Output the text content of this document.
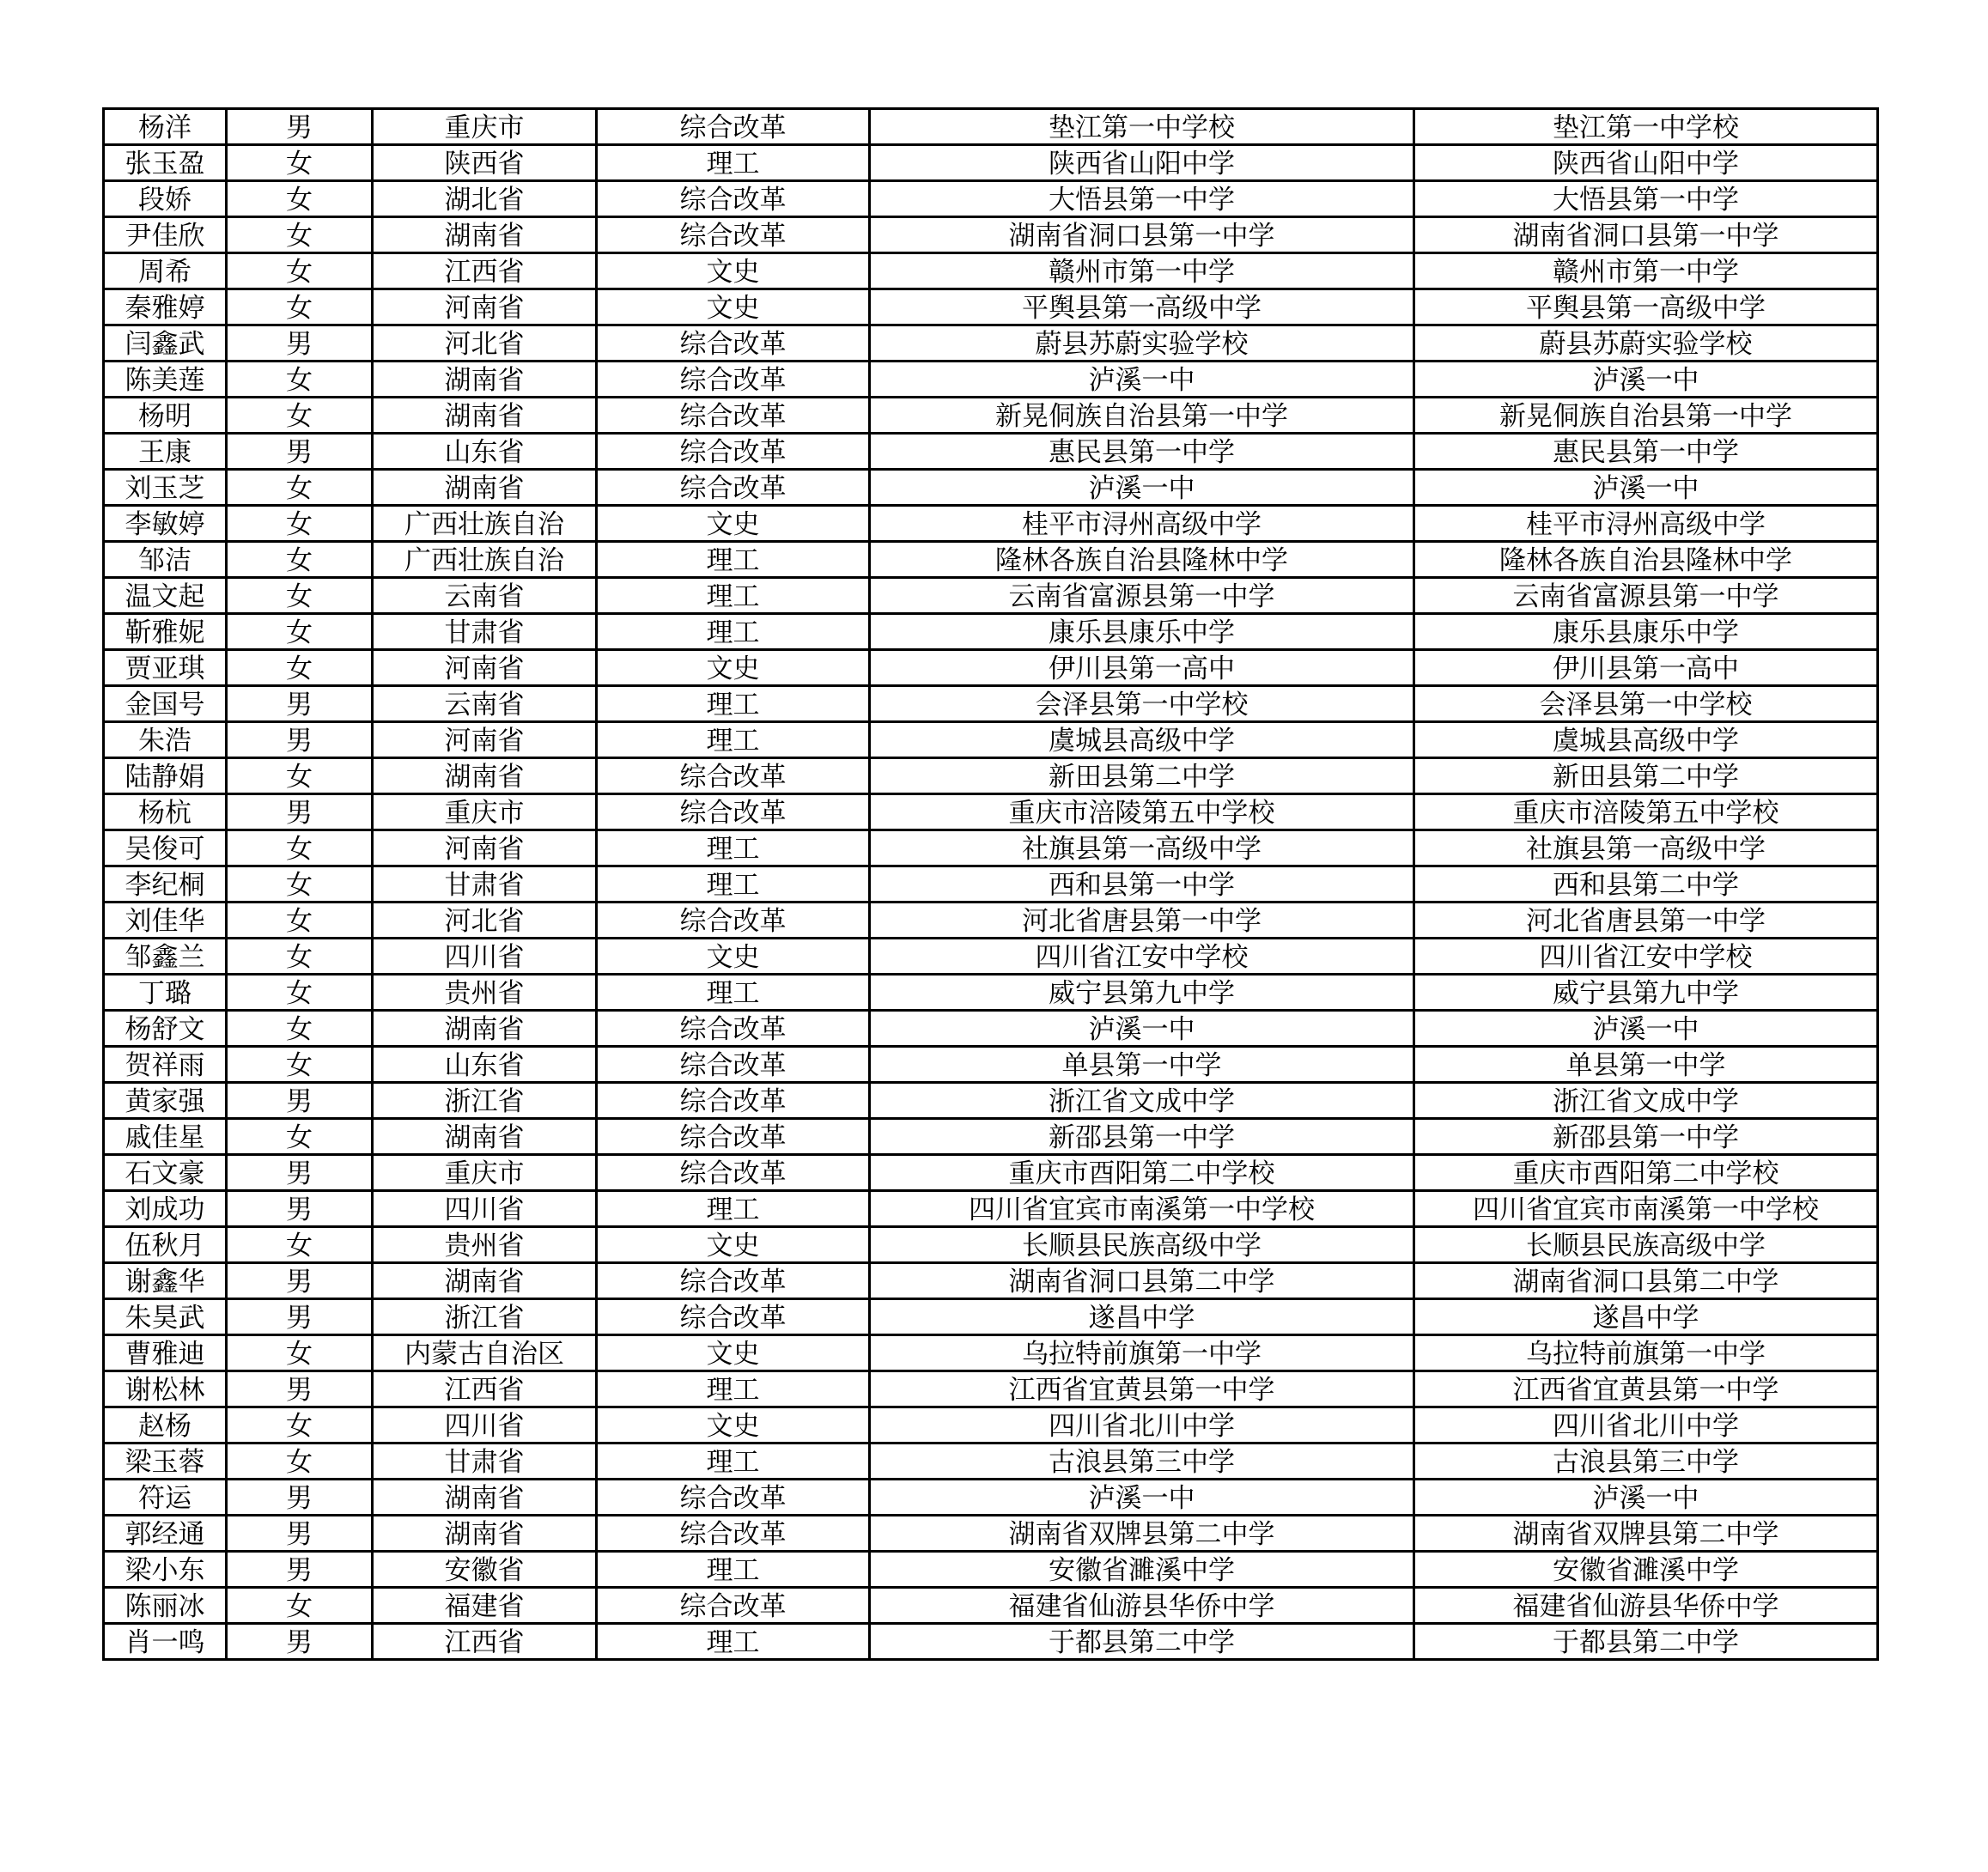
杨洋	男	重庆市	综合改革	垫江第一中学校	垫江第一中学校
张玉盈	女	陕西省	理工	陕西省山阳中学	陕西省山阳中学
段娇	女	湖北省	综合改革	大悟县第一中学	大悟县第一中学
尹佳欣	女	湖南省	综合改革	湖南省洞口县第一中学	湖南省洞口县第一中学
周希	女	江西省	文史	赣州市第一中学	赣州市第一中学
秦雅婷	女	河南省	文史	平舆县第一高级中学	平舆县第一高级中学
闫鑫武	男	河北省	综合改革	蔚县苏蔚实验学校	蔚县苏蔚实验学校
陈美莲	女	湖南省	综合改革	泸溪一中	泸溪一中
杨明	女	湖南省	综合改革	新晃侗族自治县第一中学	新晃侗族自治县第一中学
王康	男	山东省	综合改革	惠民县第一中学	惠民县第一中学
刘玉芝	女	湖南省	综合改革	泸溪一中	泸溪一中
李敏婷	女	广西壮族自治	文史	桂平市浔州高级中学	桂平市浔州高级中学
邹洁	女	广西壮族自治	理工	隆林各族自治县隆林中学	隆林各族自治县隆林中学
温文起	女	云南省	理工	云南省富源县第一中学	云南省富源县第一中学
靳雅妮	女	甘肃省	理工	康乐县康乐中学	康乐县康乐中学
贾亚琪	女	河南省	文史	伊川县第一高中	伊川县第一高中
金国号	男	云南省	理工	会泽县第一中学校	会泽县第一中学校
朱浩	男	河南省	理工	虞城县高级中学	虞城县高级中学
陆静娟	女	湖南省	综合改革	新田县第二中学	新田县第二中学
杨杭	男	重庆市	综合改革	重庆市涪陵第五中学校	重庆市涪陵第五中学校
吴俊可	女	河南省	理工	社旗县第一高级中学	社旗县第一高级中学
李纪桐	女	甘肃省	理工	西和县第一中学	西和县第二中学
刘佳华	女	河北省	综合改革	河北省唐县第一中学	河北省唐县第一中学
邹鑫兰	女	四川省	文史	四川省江安中学校	四川省江安中学校
丁璐	女	贵州省	理工	威宁县第九中学	威宁县第九中学
杨舒文	女	湖南省	综合改革	泸溪一中	泸溪一中
贺祥雨	女	山东省	综合改革	单县第一中学	单县第一中学
黄家强	男	浙江省	综合改革	浙江省文成中学	浙江省文成中学
戚佳星	女	湖南省	综合改革	新邵县第一中学	新邵县第一中学
石文豪	男	重庆市	综合改革	重庆市酉阳第二中学校	重庆市酉阳第二中学校
刘成功	男	四川省	理工	四川省宜宾市南溪第一中学校	四川省宜宾市南溪第一中学校
伍秋月	女	贵州省	文史	长顺县民族高级中学	长顺县民族高级中学
谢鑫华	男	湖南省	综合改革	湖南省洞口县第二中学	湖南省洞口县第二中学
朱昊武	男	浙江省	综合改革	遂昌中学	遂昌中学
曹雅迪	女	内蒙古自治区	文史	乌拉特前旗第一中学	乌拉特前旗第一中学
谢松林	男	江西省	理工	江西省宜黄县第一中学	江西省宜黄县第一中学
赵杨	女	四川省	文史	四川省北川中学	四川省北川中学
梁玉蓉	女	甘肃省	理工	古浪县第三中学	古浪县第三中学
符运	男	湖南省	综合改革	泸溪一中	泸溪一中
郭经通	男	湖南省	综合改革	湖南省双牌县第二中学	湖南省双牌县第二中学
梁小东	男	安徽省	理工	安徽省濉溪中学	安徽省濉溪中学
陈丽冰	女	福建省	综合改革	福建省仙游县华侨中学	福建省仙游县华侨中学
肖一鸣	男	江西省	理工	于都县第二中学	于都县第二中学
